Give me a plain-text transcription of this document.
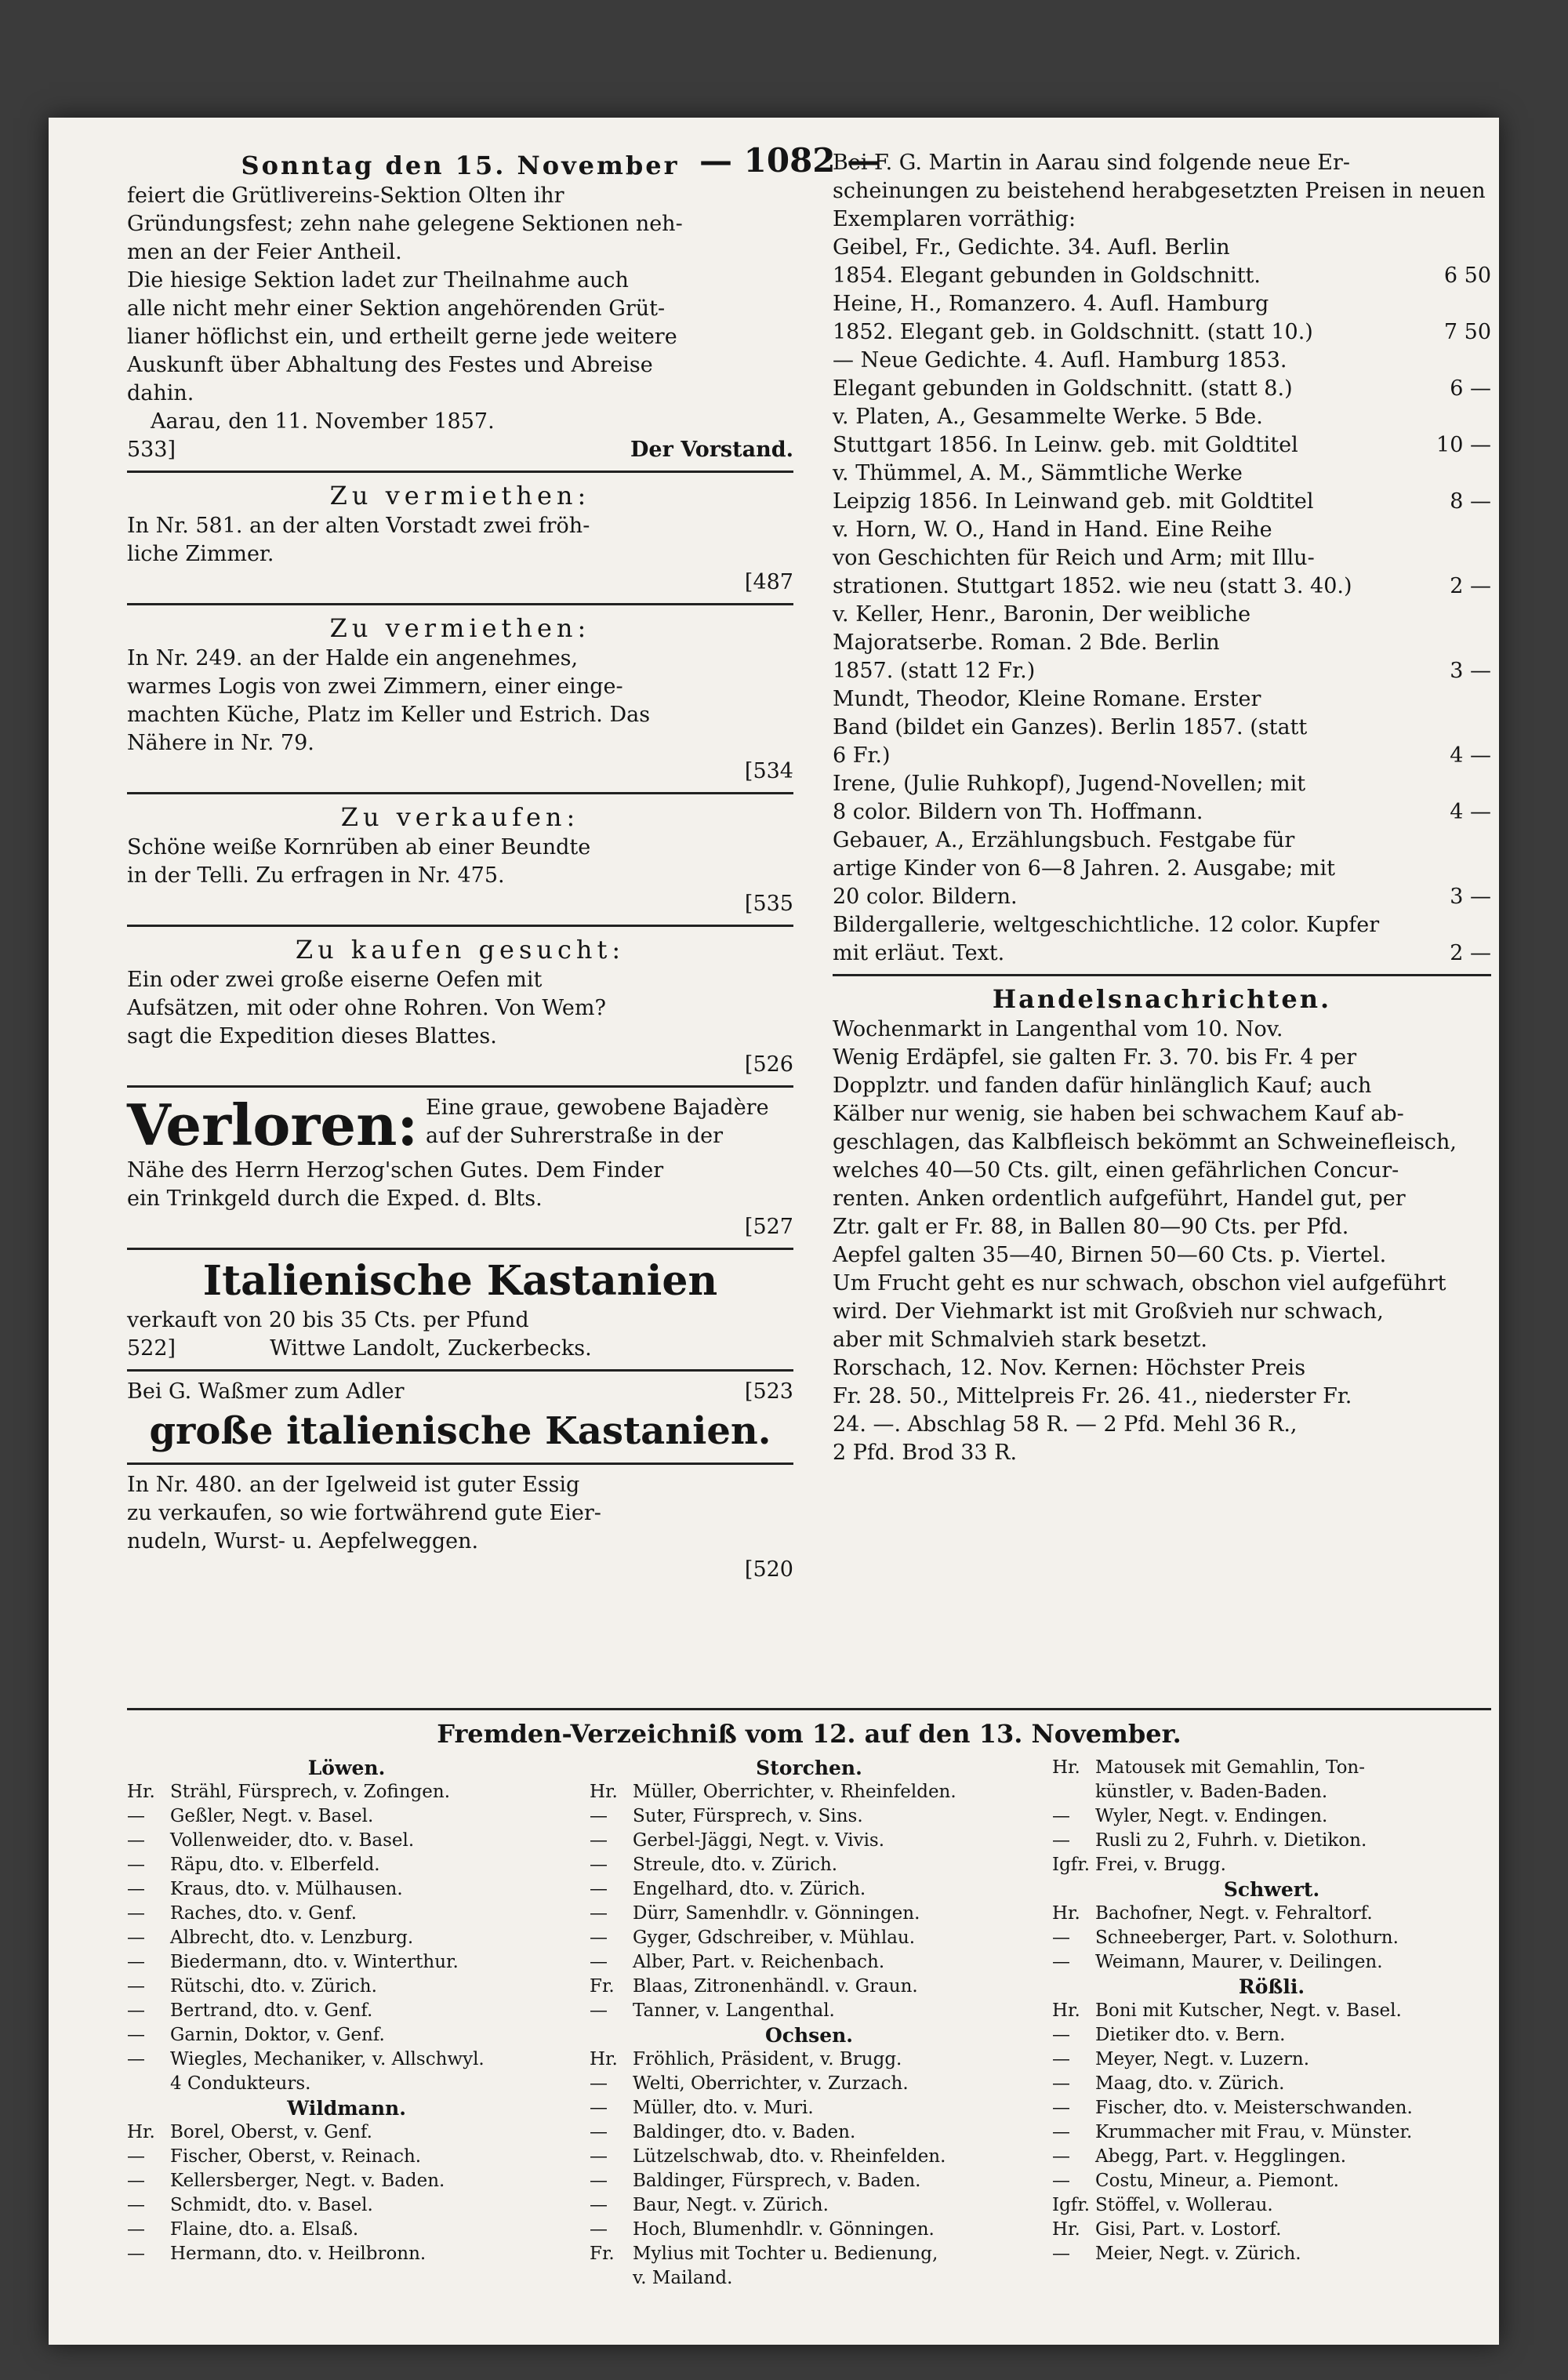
— 1082 —
Sonntag den 15. November
feiert die Grütlivereins-Sektion Olten ihr
Gründungsfest; zehn nahe gelegene Sektionen neh-
men an der Feier Antheil.
Die hiesige Sektion ladet zur Theilnahme auch
alle nicht mehr einer Sektion angehörenden Grüt-
lianer höflichst ein, und ertheilt gerne jede weitere
Auskunft über Abhaltung des Festes und Abreise
dahin.
Aarau, den 11. November 1857.
533]	Der Vorstand.
Zu vermiethen:
In Nr. 581. an der alten Vorstadt zwei fröh-
liche Zimmer.
[487
Zu vermiethen:
In Nr. 249. an der Halde ein angenehmes,
warmes Logis von zwei Zimmern, einer einge-
machten Küche, Platz im Keller und Estrich. Das
Nähere in Nr. 79.
[534
Zu verkaufen:
Schöne weiße Kornrüben ab einer Beundte
in der Telli. Zu erfragen in Nr. 475.
[535
Zu kaufen gesucht:
Ein oder zwei große eiserne Oefen mit
Aufsätzen, mit oder ohne Rohren. Von Wem?
sagt die Expedition dieses Blattes.
[526
Verloren: Eine graue, gewobene Bajadère
auf der Suhrerstraße in der
Nähe des Herrn Herzog'schen Gutes. Dem Finder
ein Trinkgeld durch die Exped. d. Blts.
[527
Italienische Kastanien
verkauft von 20 bis 35 Cts. per Pfund
522]	Wittwe Landolt, Zuckerbecks.
Bei G. Waßmer zum Adler	[523
große italienische Kastanien.
In Nr. 480. an der Igelweid ist guter Essig
zu verkaufen, so wie fortwährend gute Eier-
nudeln, Wurst- u. Aepfelweggen.
[520
Bei F. G. Martin in Aarau sind folgende neue Er-
scheinungen zu beistehend herabgesetzten Preisen in neuen
Exemplaren vorräthig:
Geibel, Fr., Gedichte. 34. Aufl. Berlin
1854. Elegant gebunden in Goldschnitt.	6 50
Heine, H., Romanzero. 4. Aufl. Hamburg
1852. Elegant geb. in Goldschnitt. (statt 10.)	7 50
— Neue Gedichte. 4. Aufl. Hamburg 1853.
Elegant gebunden in Goldschnitt. (statt 8.)	6 —
v. Platen, A., Gesammelte Werke. 5 Bde.
Stuttgart 1856. In Leinw. geb. mit Goldtitel	10 —
v. Thümmel, A. M., Sämmtliche Werke
Leipzig 1856. In Leinwand geb. mit Goldtitel	8 —
v. Horn, W. O., Hand in Hand. Eine Reihe
von Geschichten für Reich und Arm; mit Illu-
strationen. Stuttgart 1852. wie neu (statt 3. 40.)	2 —
v. Keller, Henr., Baronin, Der weibliche
Majoratserbe. Roman. 2 Bde. Berlin
1857. (statt 12 Fr.)	3 —
Mundt, Theodor, Kleine Romane. Erster
Band (bildet ein Ganzes). Berlin 1857. (statt
6 Fr.)	4 —
Irene, (Julie Ruhkopf), Jugend-Novellen; mit
8 color. Bildern von Th. Hoffmann.	4 —
Gebauer, A., Erzählungsbuch. Festgabe für
artige Kinder von 6—8 Jahren. 2. Ausgabe; mit
20 color. Bildern.	3 —
Bildergallerie, weltgeschichtliche. 12 color. Kupfer
mit erläut. Text.	2 —
Handelsnachrichten.
Wochenmarkt in Langenthal vom 10. Nov.
Wenig Erdäpfel, sie galten Fr. 3. 70. bis Fr. 4 per
Dopplztr. und fanden dafür hinlänglich Kauf; auch
Kälber nur wenig, sie haben bei schwachem Kauf ab-
geschlagen, das Kalbfleisch bekömmt an Schweinefleisch,
welches 40—50 Cts. gilt, einen gefährlichen Concur-
renten. Anken ordentlich aufgeführt, Handel gut, per
Ztr. galt er Fr. 88, in Ballen 80—90 Cts. per Pfd.
Aepfel galten 35—40, Birnen 50—60 Cts. p. Viertel.
Um Frucht geht es nur schwach, obschon viel aufgeführt
wird. Der Viehmarkt ist mit Großvieh nur schwach,
aber mit Schmalvieh stark besetzt.
Rorschach, 12. Nov. Kernen: Höchster Preis
Fr. 28. 50., Mittelpreis Fr. 26. 41., niederster Fr.
24. —. Abschlag 58 R. — 2 Pfd. Mehl 36 R.,
2 Pfd. Brod 33 R.
Fremden-Verzeichniß vom 12. auf den 13. November.
Löwen.
Hr. Strähl, Fürsprech, v. Zofingen.
— Geßler, Negt. v. Basel.
— Vollenweider, dto. v. Basel.
— Räpu, dto. v. Elberfeld.
— Kraus, dto. v. Mülhausen.
— Raches, dto. v. Genf.
— Albrecht, dto. v. Lenzburg.
— Biedermann, dto. v. Winterthur.
— Rütschi, dto. v. Zürich.
— Bertrand, dto. v. Genf.
— Garnin, Doktor, v. Genf.
— Wiegles, Mechaniker, v. Allschwyl.
4 Condukteurs.
Wildmann.
Hr. Borel, Oberst, v. Genf.
— Fischer, Oberst, v. Reinach.
— Kellersberger, Negt. v. Baden.
— Schmidt, dto. v. Basel.
— Flaine, dto. a. Elsaß.
— Hermann, dto. v. Heilbronn.
Storchen.
Hr. Müller, Oberrichter, v. Rheinfelden.
— Suter, Fürsprech, v. Sins.
— Gerbel-Jäggi, Negt. v. Vivis.
— Streule, dto. v. Zürich.
— Engelhard, dto. v. Zürich.
— Dürr, Samenhdlr. v. Gönningen.
— Gyger, Gdschreiber, v. Mühlau.
— Alber, Part. v. Reichenbach.
Fr. Blaas, Zitronenhändl. v. Graun.
— Tanner, v. Langenthal.
Ochsen.
Hr. Fröhlich, Präsident, v. Brugg.
— Welti, Oberrichter, v. Zurzach.
— Müller, dto. v. Muri.
— Baldinger, dto. v. Baden.
— Lützelschwab, dto. v. Rheinfelden.
— Baldinger, Fürsprech, v. Baden.
— Baur, Negt. v. Zürich.
— Hoch, Blumenhdlr. v. Gönningen.
Fr. Mylius mit Tochter u. Bedienung,
v. Mailand.
Hr. Matousek mit Gemahlin, Ton-
künstler, v. Baden-Baden.
— Wyler, Negt. v. Endingen.
— Rusli zu 2, Fuhrh. v. Dietikon.
Igfr. Frei, v. Brugg.
Schwert.
Hr. Bachofner, Negt. v. Fehraltorf.
— Schneeberger, Part. v. Solothurn.
— Weimann, Maurer, v. Deilingen.
Rößli.
Hr. Boni mit Kutscher, Negt. v. Basel.
— Dietiker dto. v. Bern.
— Meyer, Negt. v. Luzern.
— Maag, dto. v. Zürich.
— Fischer, dto. v. Meisterschwanden.
— Krummacher mit Frau, v. Münster.
— Abegg, Part. v. Hegglingen.
— Costu, Mineur, a. Piemont.
Igfr. Stöffel, v. Wollerau.
Hr. Gisi, Part. v. Lostorf.
— Meier, Negt. v. Zürich.
